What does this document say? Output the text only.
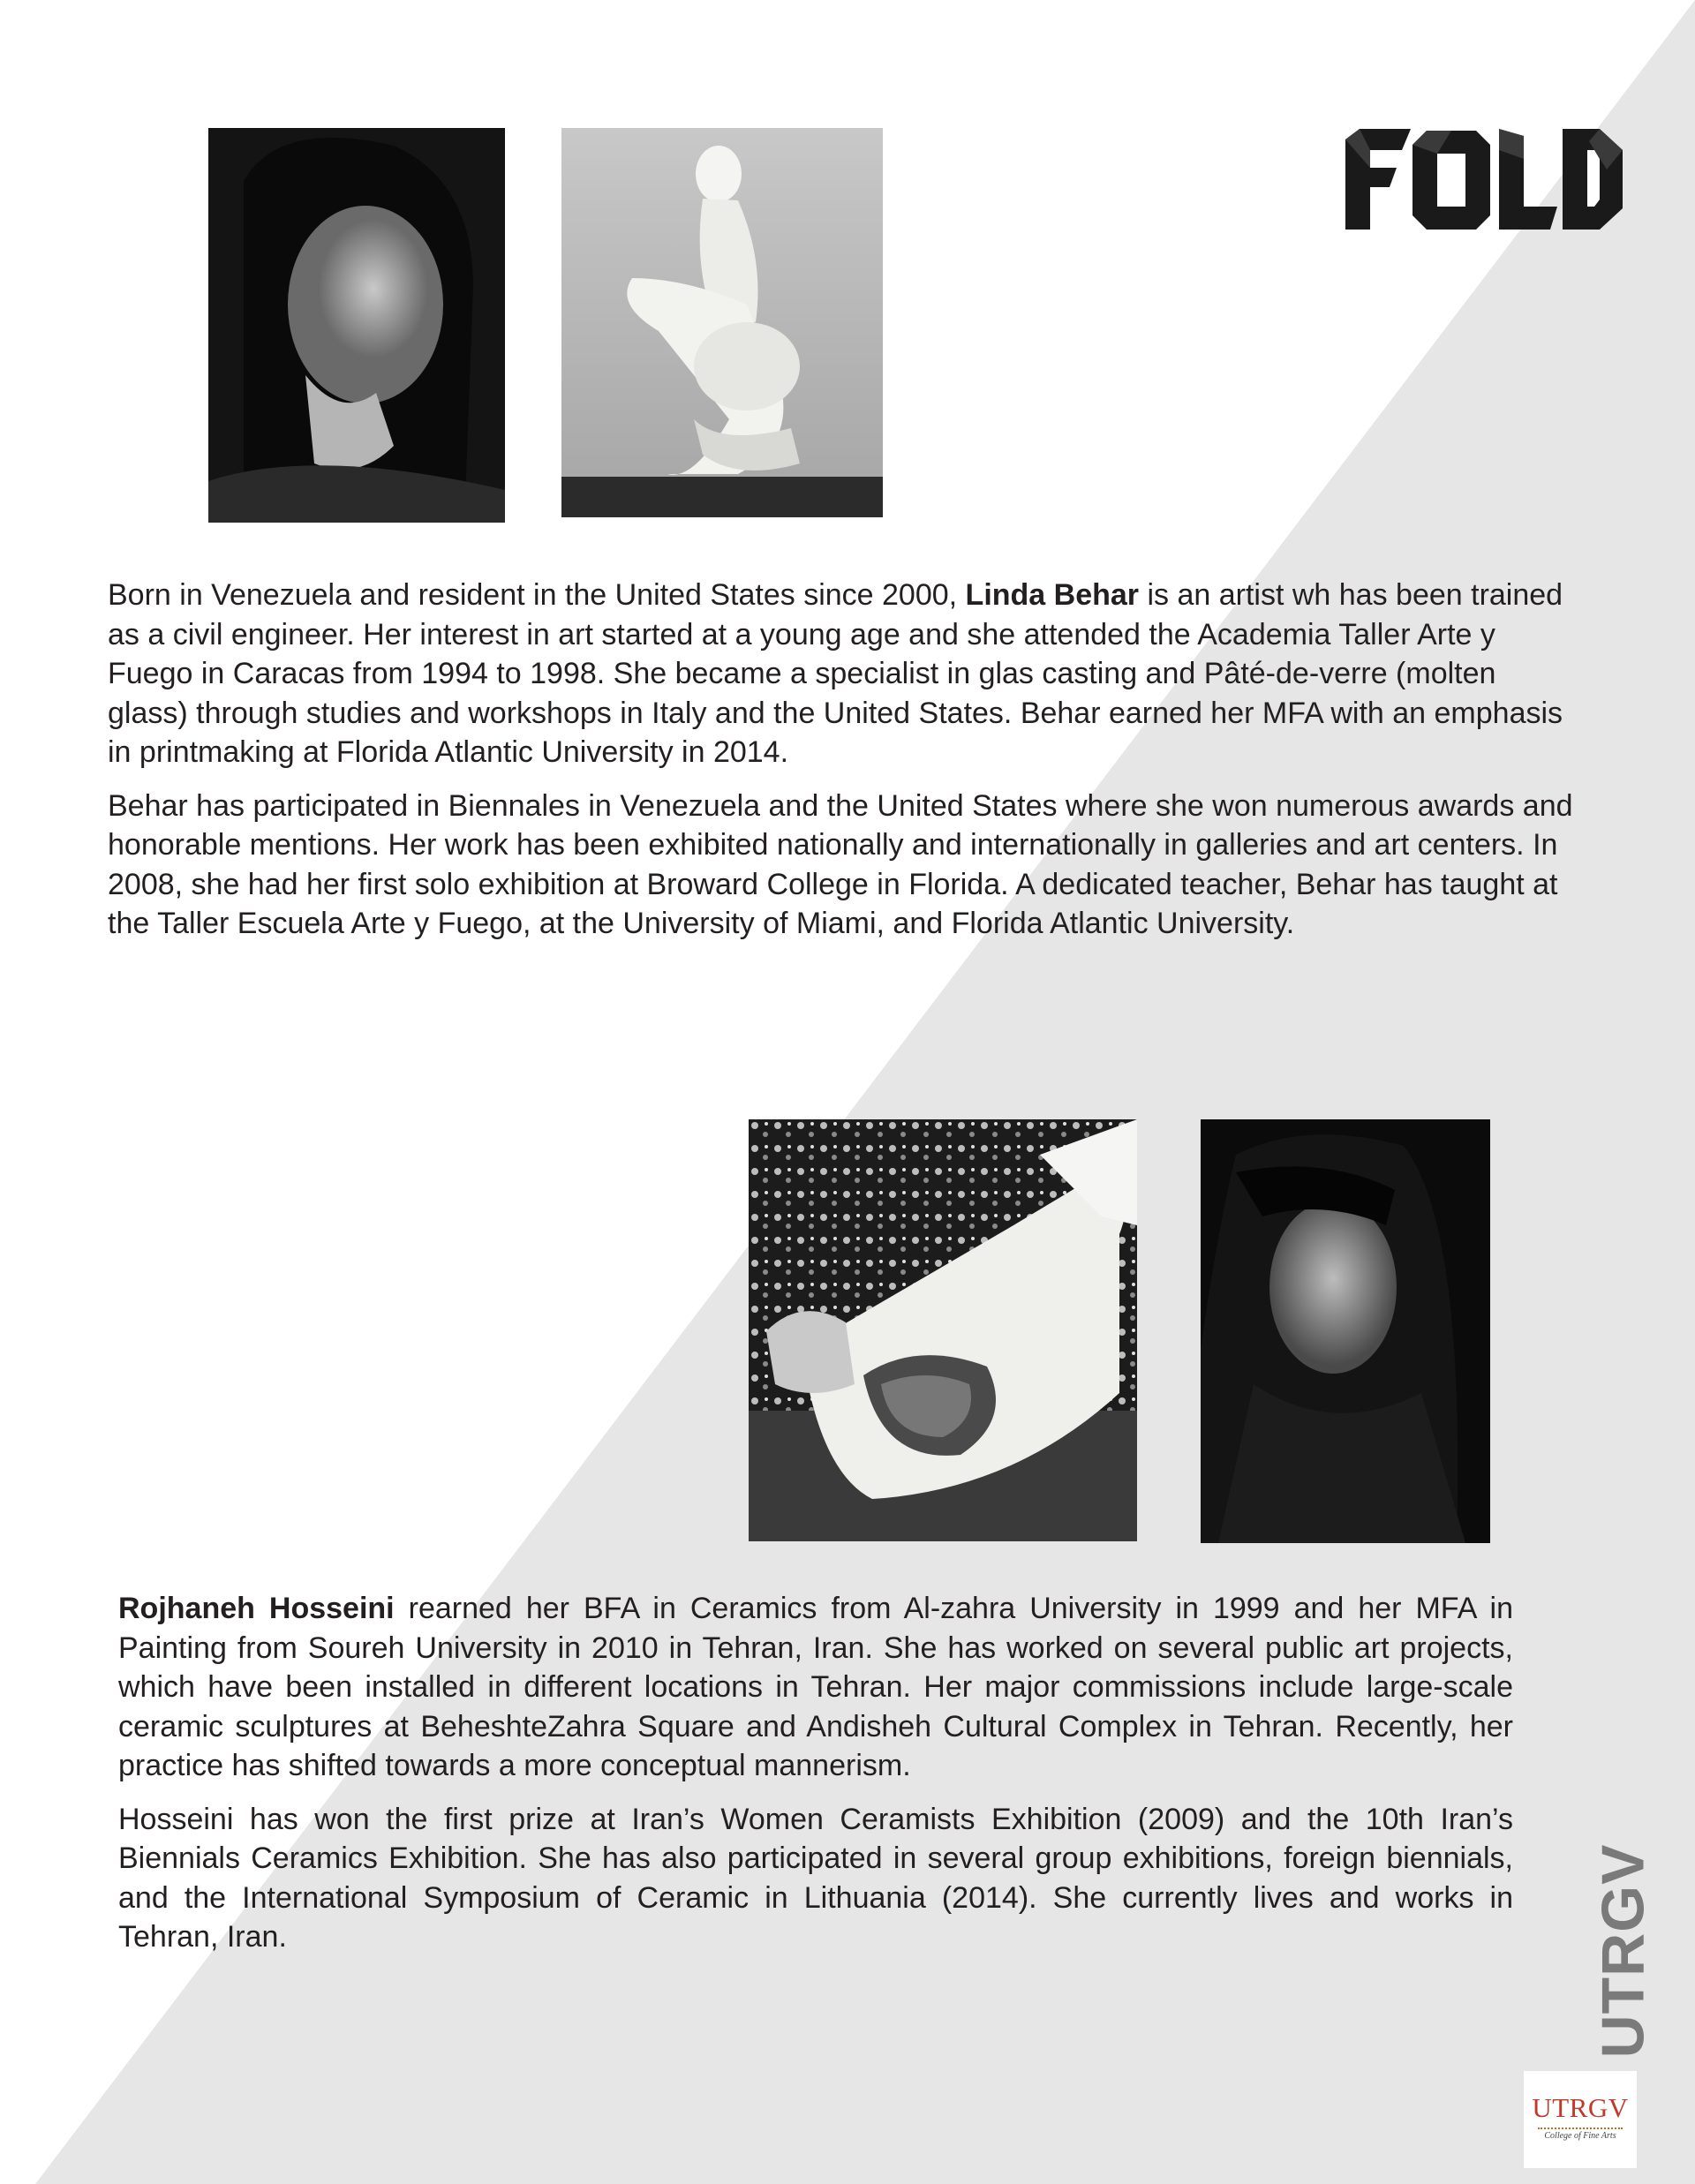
Born in Venezuela and resident in the United States since 2000, Linda Behar is an artist wh has been trained as a civil engineer. Her interest in art started at a young age and she attended the Academia Taller Arte y Fuego in Caracas from 1994 to 1998. She became a specialist in glas casting and Pâté-de-verre (molten glass) through studies and workshops in Italy and the United States. Behar earned her MFA with an emphasis in printmaking at Florida Atlantic University in 2014.

Behar has participated in Biennales in Venezuela and the United States where she won numerous awards and honorable mentions. Her work has been exhibited nationally and internationally in galleries and art centers. In 2008, she had her first solo exhibition at Broward College in Florida. A dedicated teacher, Behar has taught at the Taller Escuela Arte y Fuego, at the University of Miami, and Florida Atlantic University.

Rojhaneh Hosseini rearned her BFA in Ceramics from Al-zahra University in 1999 and her MFA in Painting from Soureh University in 2010 in Tehran, Iran. She has worked on several public art projects, which have been installed in different locations in Tehran. Her major commissions include large-scale ceramic sculptures at BeheshteZahra Square and Andisheh Cultural Complex in Tehran. Recently, her practice has shifted towards a more conceptual mannerism.

Hosseini has won the first prize at Iran’s Women Ceramists Exhibition (2009) and the 10th Iran’s Biennials Ceramics Exhibition. She has also participated in several group exhibitions, foreign biennials, and the International Symposium of Ceramic in Lithuania (2014). She currently lives and works in Tehran, Iran.	UTRGV
UTRGV
College of Fine Arts
